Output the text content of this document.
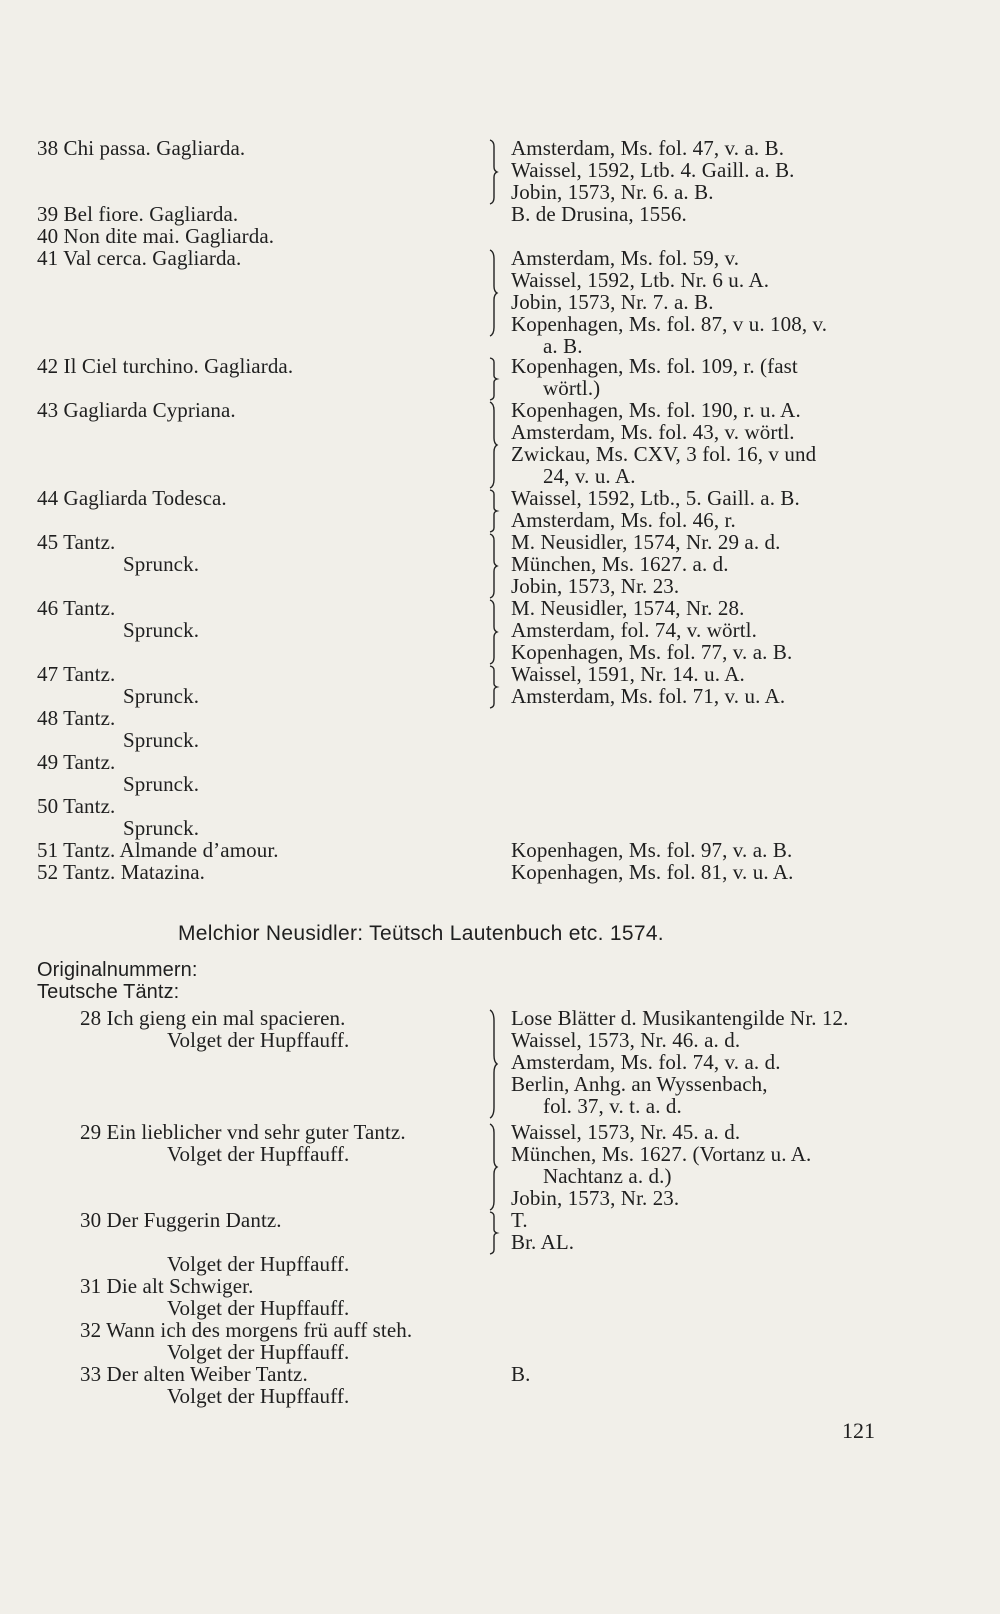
38 Chi passa. Gagliarda.
39 Bel fiore. Gagliarda.
40 Non dite mai. Gagliarda.
41 Val cerca. Gagliarda.
42 Il Ciel turchino. Gagliarda.
43 Gagliarda Cypriana.
44 Gagliarda Todesca.
45 Tantz.
Sprunck.
46 Tantz.
Sprunck.
47 Tantz.
Sprunck.
48 Tantz.
Sprunck.
49 Tantz.
Sprunck.
50 Tantz.
Sprunck.
51 Tantz. Almande d’amour.
52 Tantz. Matazina.
Amsterdam, Ms. fol. 47, v. a. B.
Waissel, 1592, Ltb. 4. Gaill. a. B.
Jobin, 1573, Nr. 6. a. B.
B. de Drusina, 1556.
Amsterdam, Ms. fol. 59, v.
Waissel, 1592, Ltb. Nr. 6 u. A.
Jobin, 1573, Nr. 7. a. B.
Kopenhagen, Ms. fol. 87, v u. 108, v.
a. B.
Kopenhagen, Ms. fol. 109, r. (fast
wörtl.)
Kopenhagen, Ms. fol. 190, r. u. A.
Amsterdam, Ms. fol. 43, v. wörtl.
Zwickau, Ms. CXV, 3 fol. 16, v und
24, v. u. A.
Waissel, 1592, Ltb., 5. Gaill. a. B.
Amsterdam, Ms. fol. 46, r.
M. Neusidler, 1574, Nr. 29 a. d.
München, Ms. 1627. a. d.
Jobin, 1573, Nr. 23.
M. Neusidler, 1574, Nr. 28.
Amsterdam, fol. 74, v. wörtl.
Kopenhagen, Ms. fol. 77, v. a. B.
Waissel, 1591, Nr. 14. u. A.
Amsterdam, Ms. fol. 71, v. u. A.
Kopenhagen, Ms. fol. 97, v. a. B.
Kopenhagen, Ms. fol. 81, v. u. A.
Melchior Neusidler: Teütsch Lautenbuch etc. 1574.
Originalnummern:
Teutsche Täntz:
28 Ich gieng ein mal spacieren.
Volget der Hupffauff.
29 Ein lieblicher vnd sehr guter Tantz.
Volget der Hupffauff.
30 Der Fuggerin Dantz.
Volget der Hupffauff.
31 Die alt Schwiger.
Volget der Hupffauff.
32 Wann ich des morgens frü auff steh.
Volget der Hupffauff.
33 Der alten Weiber Tantz.
Volget der Hupffauff.
Lose Blätter d. Musikantengilde Nr. 12.
Waissel, 1573, Nr. 46. a. d.
Amsterdam, Ms. fol. 74, v. a. d.
Berlin, Anhg. an Wyssenbach,
fol. 37, v. t. a. d.
Waissel, 1573, Nr. 45. a. d.
München, Ms. 1627. (Vortanz u. A.
Nachtanz a. d.)
Jobin, 1573, Nr. 23.
T.
Br. AL.
B.
121
